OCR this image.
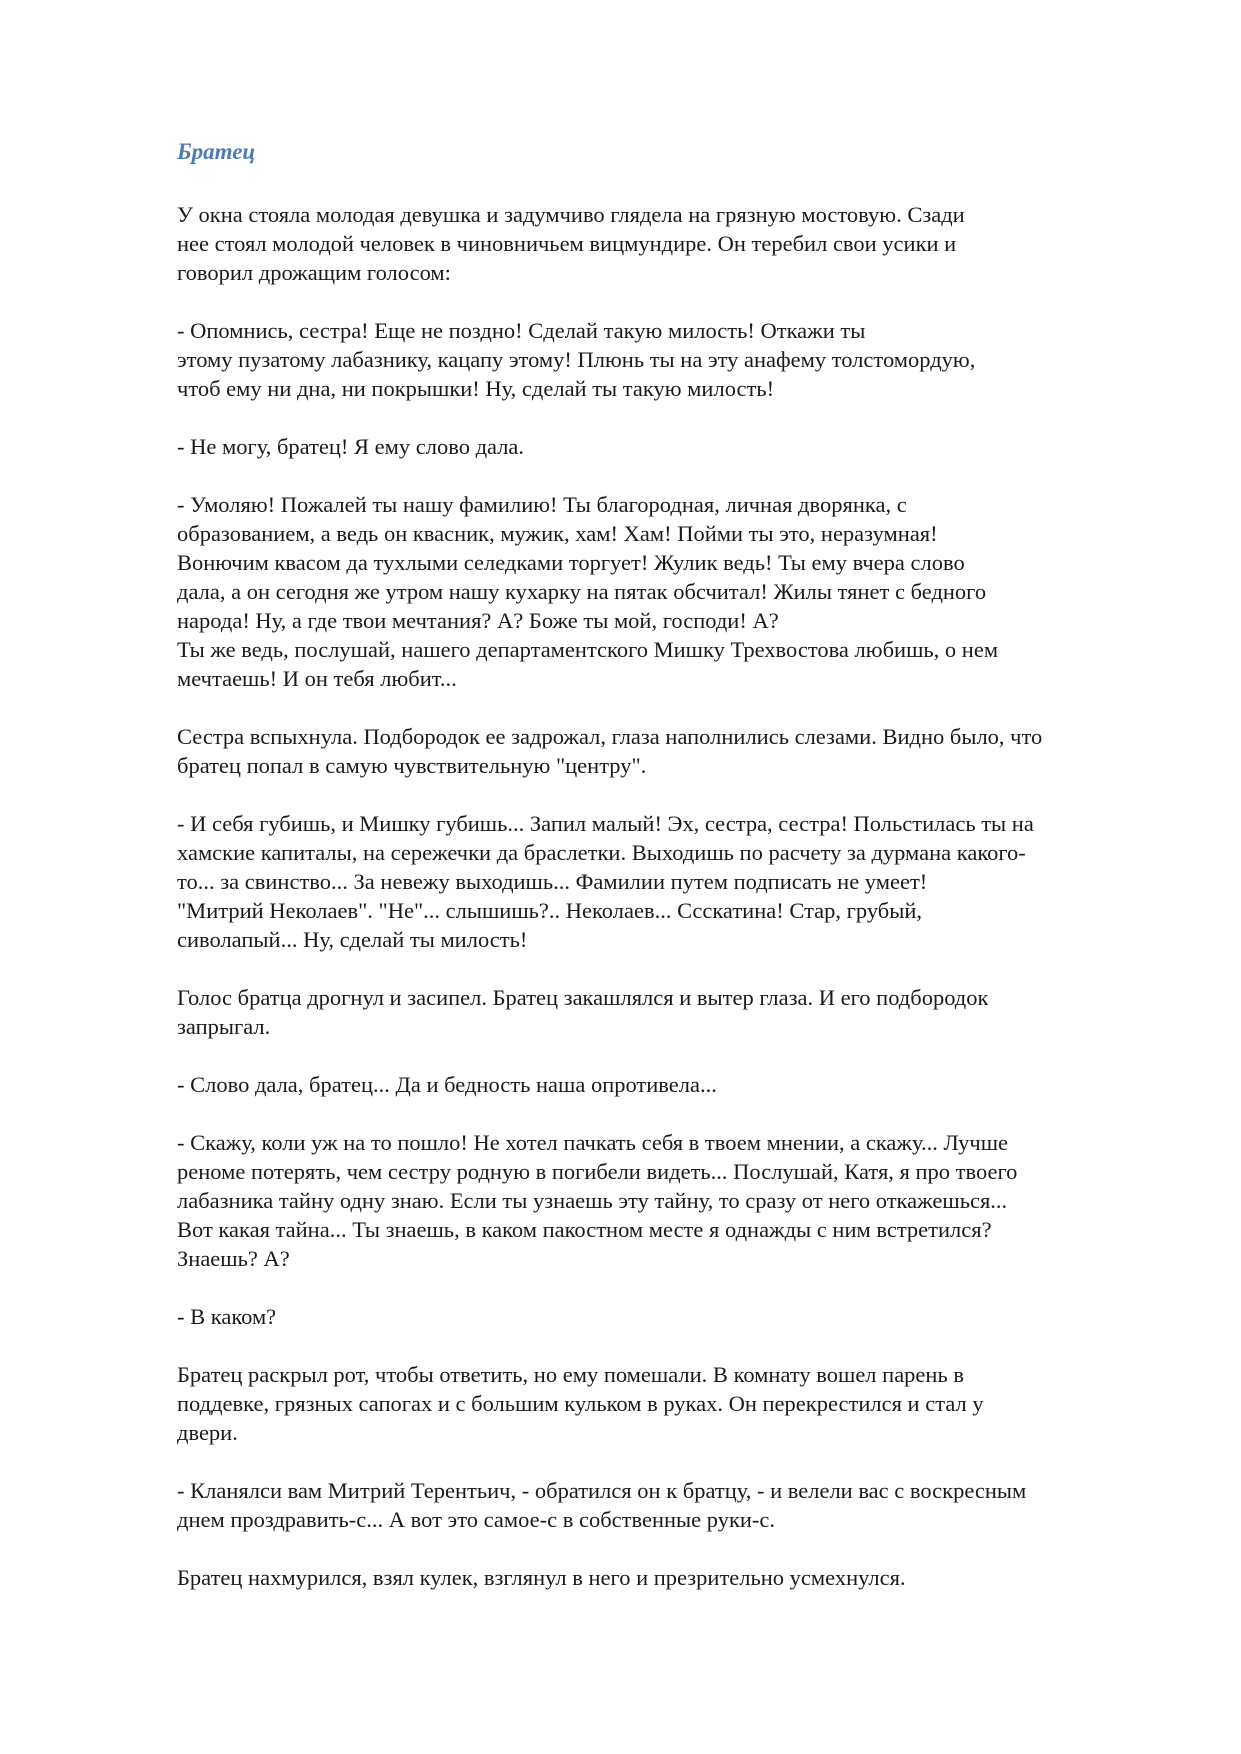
Братец
У окна стояла молодая девушка и задумчиво глядела на грязную мостовую. Сзади
нее стоял молодой человек в чиновничьем вицмундире. Он теребил свои усики и
говорил дрожащим голосом:
- Опомнись, сестра! Еще не поздно! Сделай такую милость! Откажи ты
этому пузатому лабазнику, кацапу этому! Плюнь ты на эту анафему толстомордую,
чтоб ему ни дна, ни покрышки! Ну, сделай ты такую милость!
- Не могу, братец! Я ему слово дала.
- Умоляю! Пожалей ты нашу фамилию! Ты благородная, личная дворянка, с
образованием, а ведь он квасник, мужик, хам! Хам! Пойми ты это, неразумная!
Вонючим квасом да тухлыми селедками торгует! Жулик ведь! Ты ему вчера слово
дала, а он сегодня же утром нашу кухарку на пятак обсчитал! Жилы тянет с бедного
народа! Ну, а где твои мечтания? А? Боже ты мой, господи! А?
Ты же ведь, послушай, нашего департаментского Мишку Трехвостова любишь, о нем
мечтаешь! И он тебя любит...
Сестра вспыхнула. Подбородок ее задрожал, глаза наполнились слезами. Видно было, что
братец попал в самую чувствительную "центру".
- И себя губишь, и Мишку губишь... Запил малый! Эх, сестра, сестра! Польстилась ты на
хамские капиталы, на сережечки да браслетки. Выходишь по расчету за дурмана какого-
то... за свинство... За невежу выходишь... Фамилии путем подписать не умеет!
"Митрий Неколаев". "Не"... слышишь?.. Неколаев... Ссскатина! Стар, грубый,
сиволапый... Ну, сделай ты милость!
Голос братца дрогнул и засипел. Братец закашлялся и вытер глаза. И его подбородок
запрыгал.
- Слово дала, братец... Да и бедность наша опротивела...
- Скажу, коли уж на то пошло! Не хотел пачкать себя в твоем мнении, а скажу... Лучше
реноме потерять, чем сестру родную в погибели видеть... Послушай, Катя, я про твоего
лабазника тайну одну знаю. Если ты узнаешь эту тайну, то сразу от него откажешься...
Вот какая тайна... Ты знаешь, в каком пакостном месте я однажды с ним встретился?
Знаешь? А?
- В каком?
Братец раскрыл рот, чтобы ответить, но ему помешали. В комнату вошел парень в
поддевке, грязных сапогах и с большим кульком в руках. Он перекрестился и стал у
двери.
- Кланялси вам Митрий Терентьич, - обратился он к братцу, - и велели вас с воскресным
днем проздравить-с... А вот это самое-с в собственные руки-с.
Братец нахмурился, взял кулек, взглянул в него и презрительно усмехнулся.
